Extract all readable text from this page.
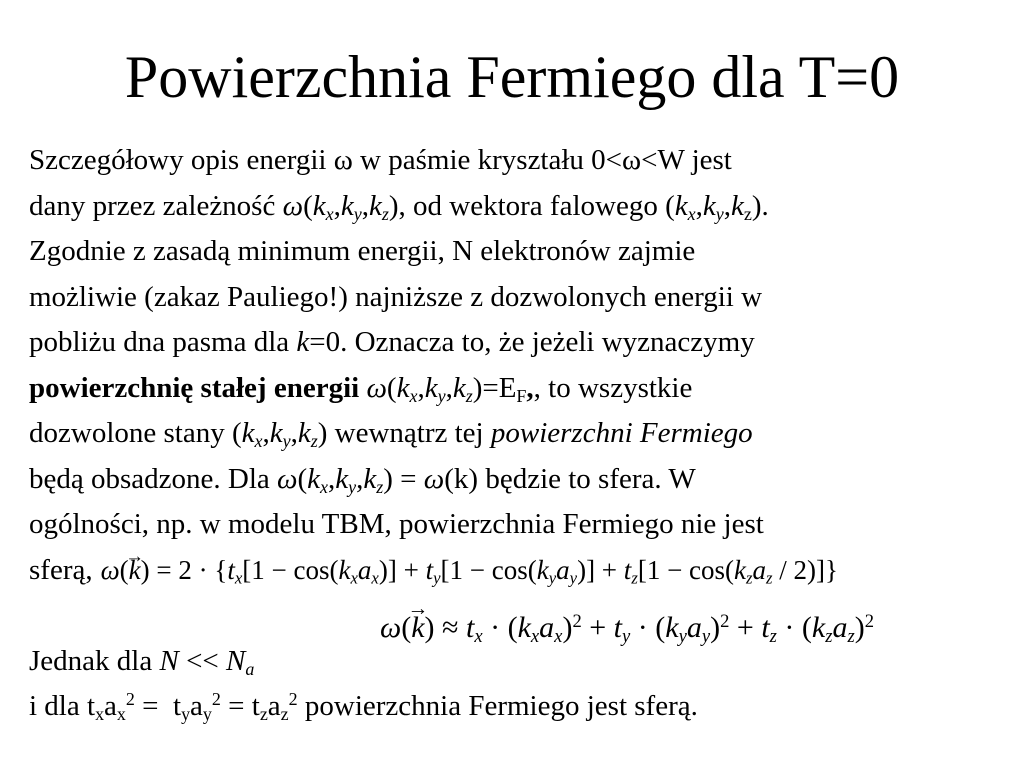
Powierzchnia Fermiego dla T=0
Szczegółowy opis energii ω w paśmie kryształu 0<ω<W jest
dany przez zależność $\omega(k_x,k_y,k_z)$, od wektora falowego $(k_x,k_y,k_z)$.
Zgodnie z zasadą minimum energii, N elektronów zajmie
możliwie (zakaz Pauliego!) najniższe z dozwolonych energii w
pobliżu dna pasma dla k=0. Oznacza to, że jeżeli wyznaczymy
powierzchnię stałej energii $\omega(k_x,k_y,k_z)=E_F$,, to wszystkie
dozwolone stany $(k_x,k_y,k_z)$ wewnątrz tej powierzchni Fermiego
będą obsadzone. Dla $\omega(k_x,k_y,k_z) = \omega(k)$ będzie to sfera. W
ogólności, np. w modelu TBM, powierzchnia Fermiego nie jest
sferą, $\omega(\to k) = 2 \cdot \{t_x[1 - \cos(k_xa_x)] + t_y[1 - \cos(k_ya_y)] + t_z[1 - \cos(k_za_z / 2)]\}$
Jednak dla $N << N_a$
i dla $t_xa_x^2 = t_ya_y^2 = t_za_z^2$ powierzchnia Fermiego jest sferą.
$\omega(\to k) \approx t_x \cdot (k_xa_x)^2 + t_y \cdot (k_ya_y)^2 + t_z \cdot (k_za_z)^2$
